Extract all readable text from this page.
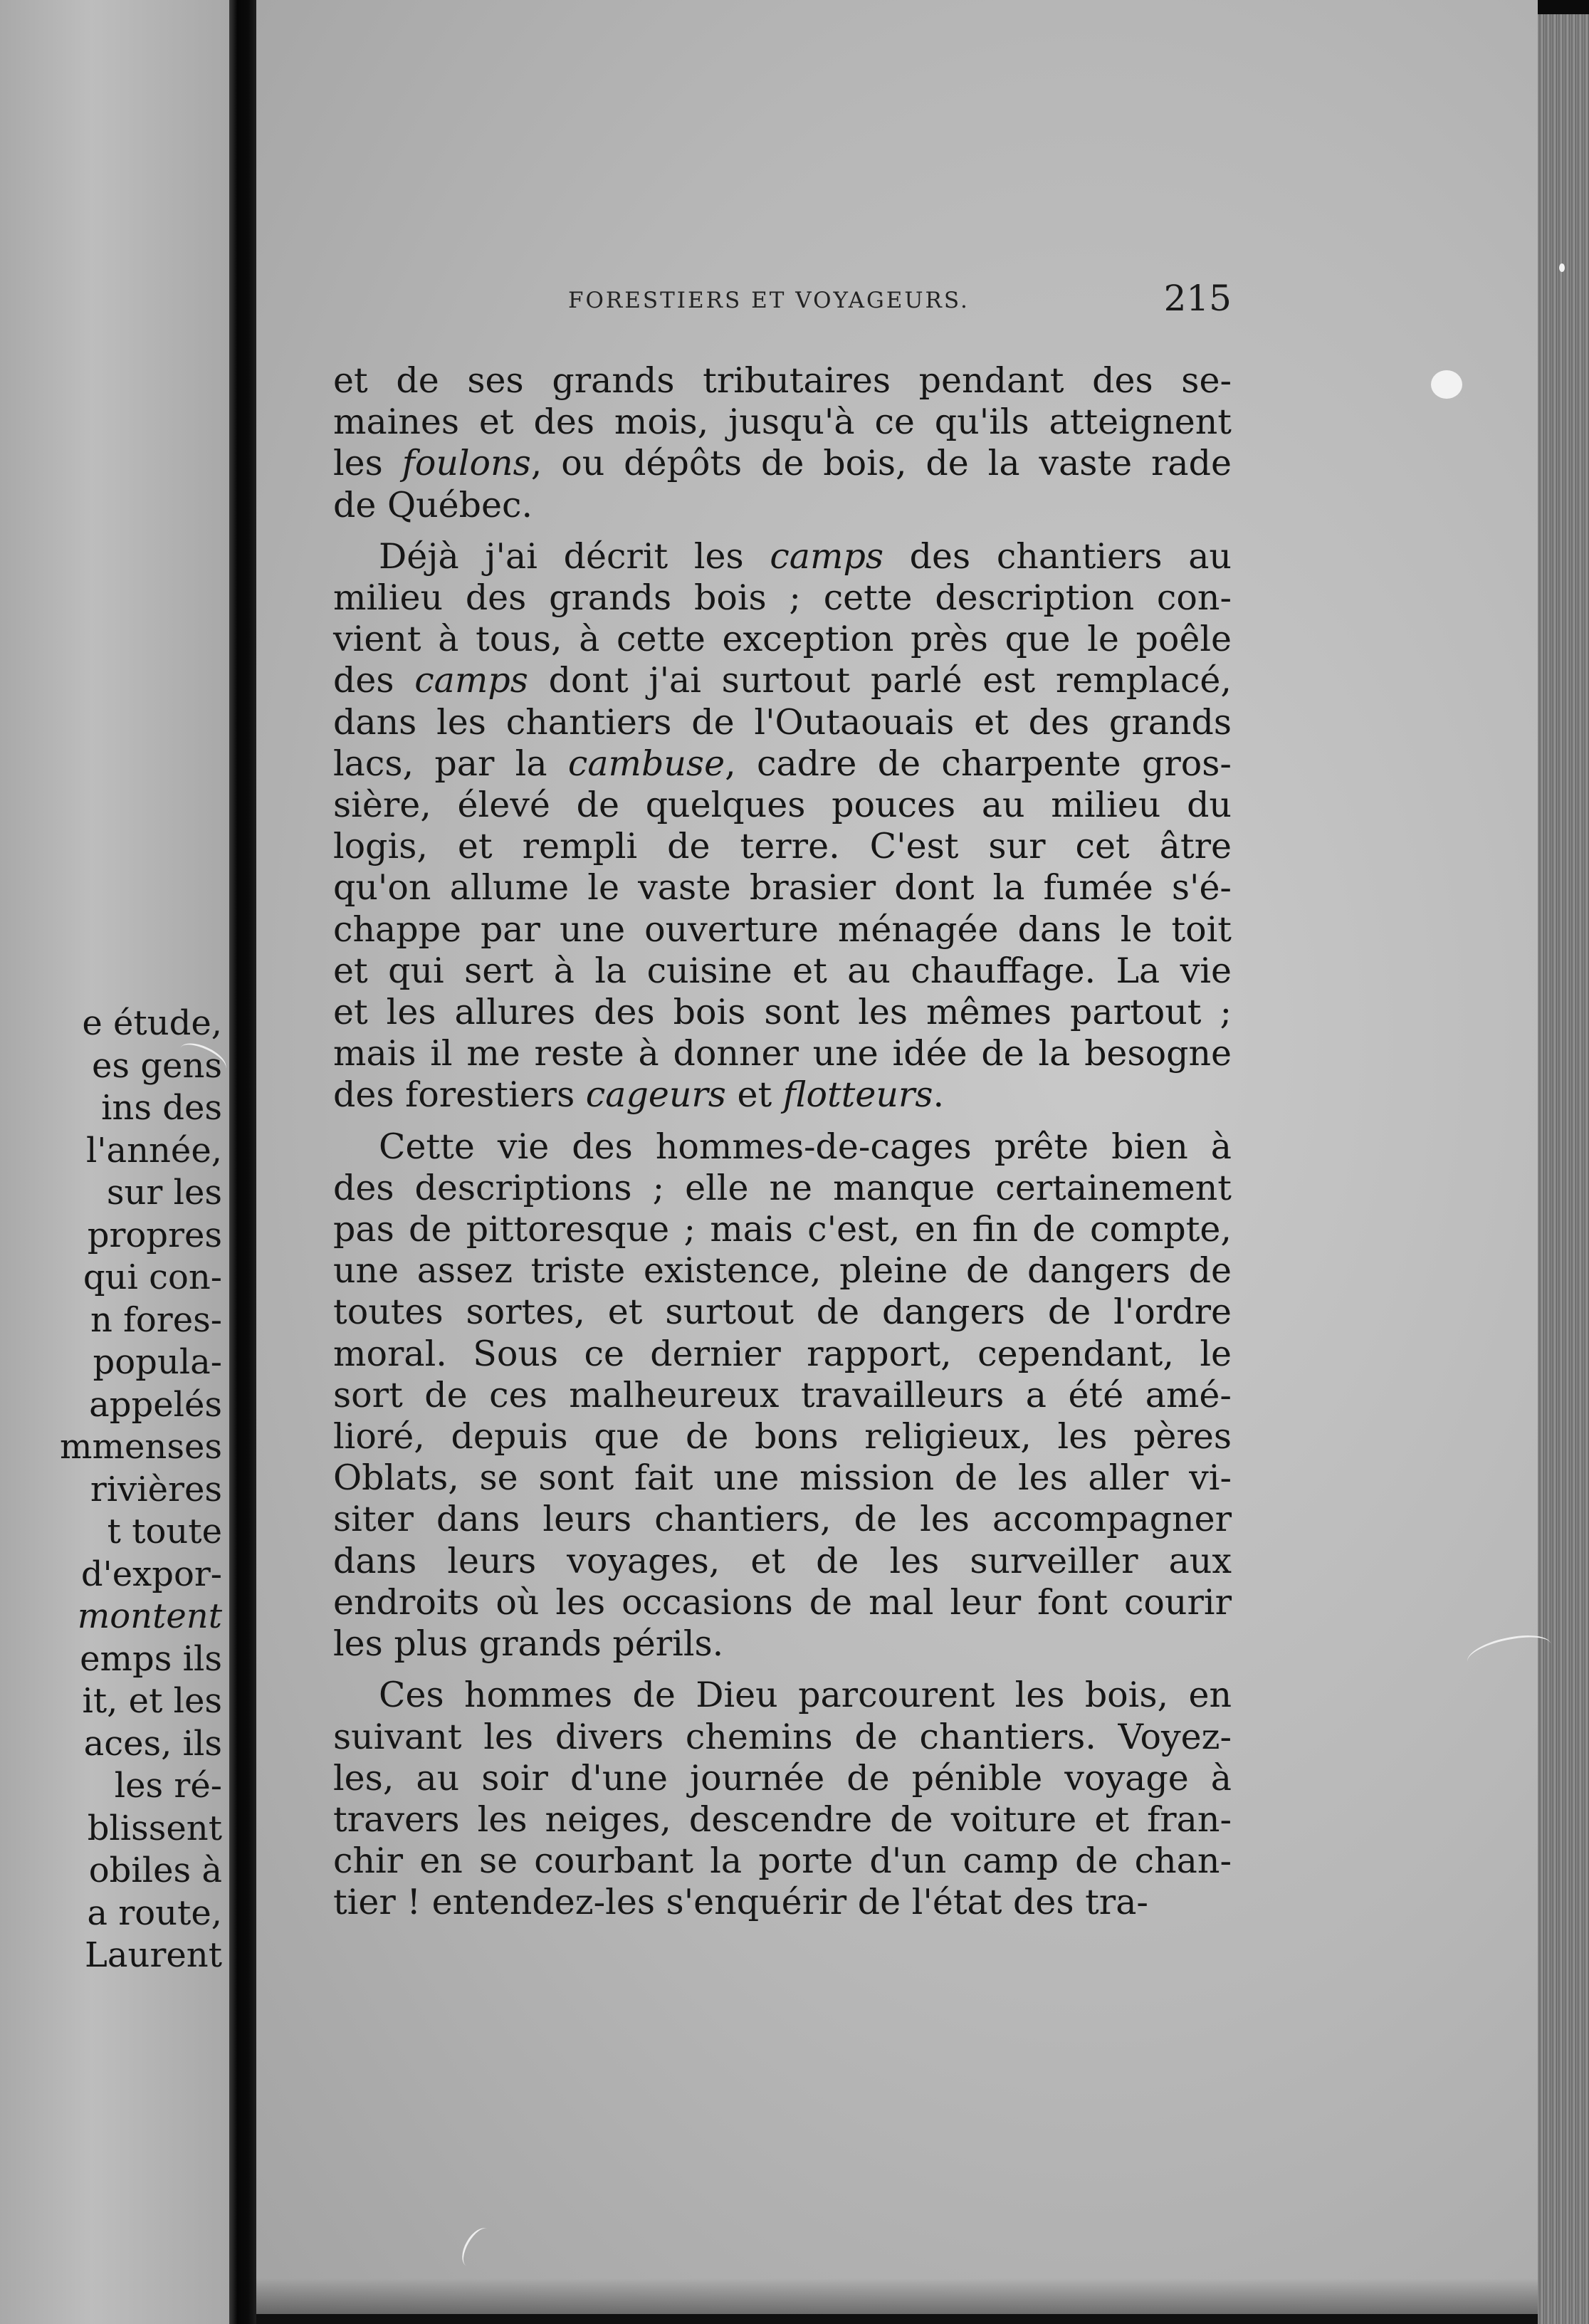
e étude,
es gens
ins des
l'année,
sur les
propres
qui con-
n fores-
popula-
appelés
mmenses
rivières
t toute
d'expor-
montent
emps ils
it, et les
aces, ils
les ré-
blissent
obiles à
a route,
Laurent
FORESTIERS ET VOYAGEURS.	215
et de ses grands tributaires pendant des se-
maines et des mois, jusqu'à ce qu'ils atteignent
les foulons, ou dépôts de bois, de la vaste rade
de Québec.
Déjà j'ai décrit les camps des chantiers au
milieu des grands bois ; cette description con-
vient à tous, à cette exception près que le poêle
des camps dont j'ai surtout parlé est remplacé,
dans les chantiers de l'Outaouais et des grands
lacs, par la cambuse, cadre de charpente gros-
sière, élevé de quelques pouces au milieu du
logis, et rempli de terre. C'est sur cet âtre
qu'on allume le vaste brasier dont la fumée s'é-
chappe par une ouverture ménagée dans le toit
et qui sert à la cuisine et au chauffage. La vie
et les allures des bois sont les mêmes partout ;
mais il me reste à donner une idée de la besogne
des forestiers cageurs et flotteurs.
Cette vie des hommes-de-cages prête bien à
des descriptions ; elle ne manque certainement
pas de pittoresque ; mais c'est, en fin de compte,
une assez triste existence, pleine de dangers de
toutes sortes, et surtout de dangers de l'ordre
moral. Sous ce dernier rapport, cependant, le
sort de ces malheureux travailleurs a été amé-
lioré, depuis que de bons religieux, les pères
Oblats, se sont fait une mission de les aller vi-
siter dans leurs chantiers, de les accompagner
dans leurs voyages, et de les surveiller aux
endroits où les occasions de mal leur font courir
les plus grands périls.
Ces hommes de Dieu parcourent les bois, en
suivant les divers chemins de chantiers. Voyez-
les, au soir d'une journée de pénible voyage à
travers les neiges, descendre de voiture et fran-
chir en se courbant la porte d'un camp de chan-
tier ! entendez-les s'enquérir de l'état des tra-
